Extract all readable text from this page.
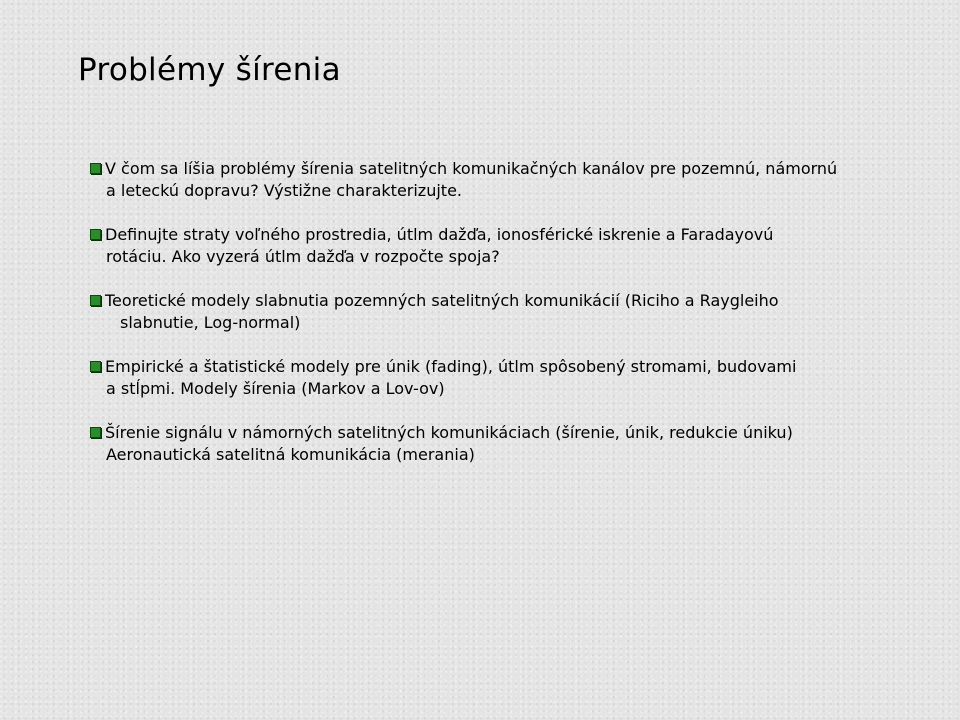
Problémy šírenia
V čom sa líšia problémy šírenia satelitných komunikačných kanálov pre pozemnú, námornú
a leteckú dopravu? Výstižne charakterizujte.
Definujte straty voľného prostredia, útlm dažďa, ionosférické iskrenie a Faradayovú
rotáciu. Ako vyzerá útlm dažďa v rozpočte spoja?
Teoretické modely slabnutia pozemných satelitných komunikácií (Riciho a Raygleiho
slabnutie, Log-normal)
Empirické a štatistické modely pre únik (fading), útlm spôsobený stromami, budovami
a stĺpmi. Modely šírenia (Markov a Lov-ov)
Šírenie signálu v námorných satelitných komunikáciach (šírenie, únik, redukcie úniku)
Aeronautická satelitná komunikácia (merania)
